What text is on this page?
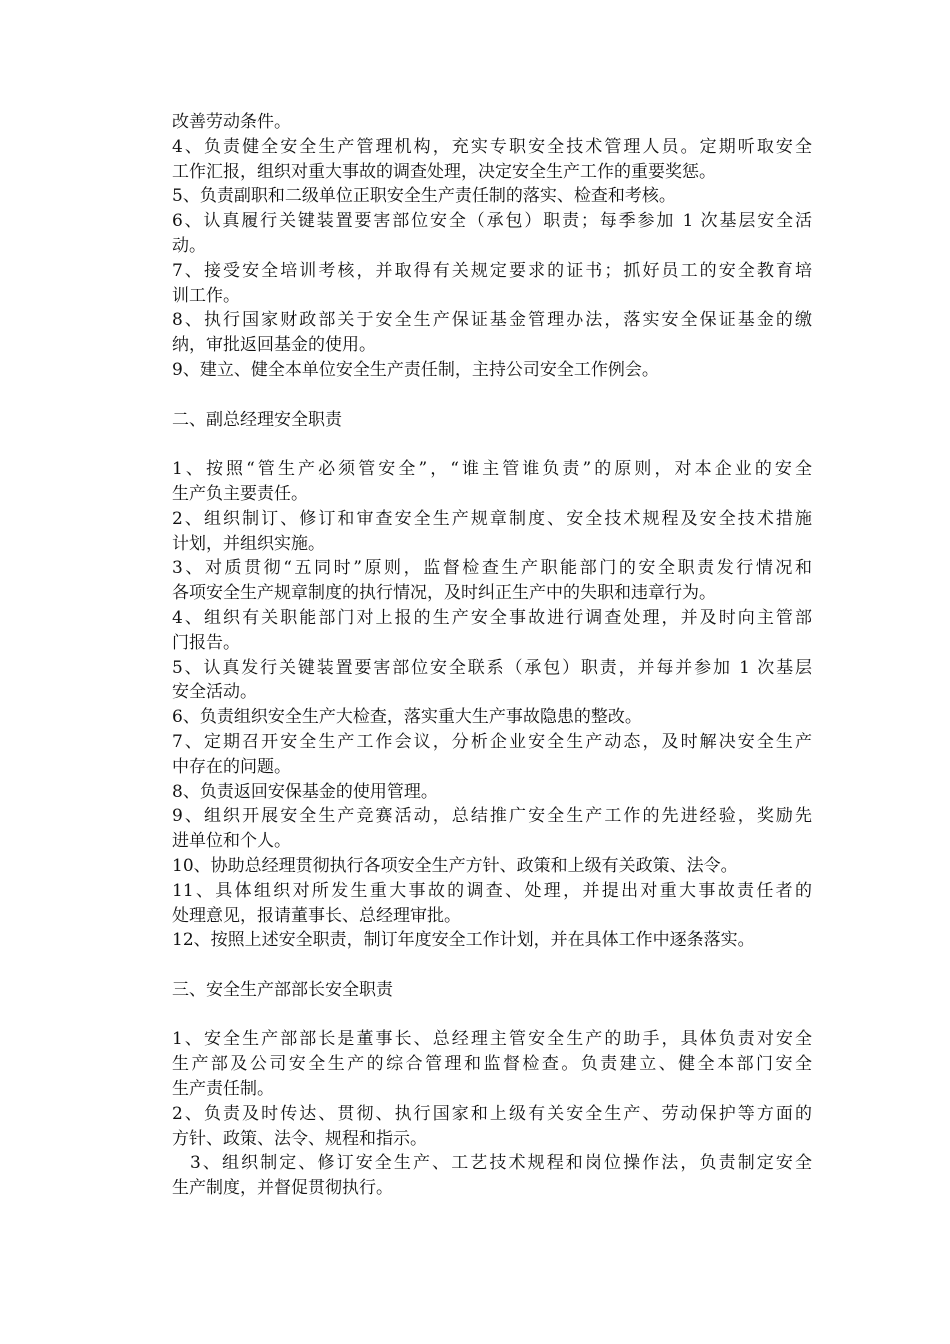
改善劳动条件。
4、负责健全安全生产管理机构，充实专职安全技术管理人员。定期听取安全
工作汇报，组织对重大事故的调查处理，决定安全生产工作的重要奖惩。
5、负责副职和二级单位正职安全生产责任制的落实、检查和考核。
6、认真履行关键装置要害部位安全（承包）职责；每季参加 1 次基层安全活
动。
7、接受安全培训考核，并取得有关规定要求的证书；抓好员工的安全教育培
训工作。
8、执行国家财政部关于安全生产保证基金管理办法，落实安全保证基金的缴
纳，审批返回基金的使用。
9、建立、健全本单位安全生产责任制，主持公司安全工作例会。
二、副总经理安全职责
1、按照“管生产必须管安全”，“谁主管谁负责”的原则，对本企业的安全
生产负主要责任。
2、组织制订、修订和审查安全生产规章制度、安全技术规程及安全技术措施
计划，并组织实施。
3、对质贯彻“五同时”原则，监督检查生产职能部门的安全职责发行情况和
各项安全生产规章制度的执行情况，及时纠正生产中的失职和违章行为。
4、组织有关职能部门对上报的生产安全事故进行调查处理，并及时向主管部
门报告。
5、认真发行关键装置要害部位安全联系（承包）职责，并每并参加 1 次基层
安全活动。
6、负责组织安全生产大检查，落实重大生产事故隐患的整改。
7、定期召开安全生产工作会议，分析企业安全生产动态，及时解决安全生产
中存在的问题。
8、负责返回安保基金的使用管理。
9、组织开展安全生产竞赛活动，总结推广安全生产工作的先进经验，奖励先
进单位和个人。
10、协助总经理贯彻执行各项安全生产方针、政策和上级有关政策、法令。
11、具体组织对所发生重大事故的调查、处理，并提出对重大事故责任者的
处理意见，报请董事长、总经理审批。
12、按照上述安全职责，制订年度安全工作计划，并在具体工作中逐条落实。
三、安全生产部部长安全职责
1、安全生产部部长是董事长、总经理主管安全生产的助手，具体负责对安全
生产部及公司安全生产的综合管理和监督检查。负责建立、健全本部门安全
生产责任制。
2、负责及时传达、贯彻、执行国家和上级有关安全生产、劳动保护等方面的
方针、政策、法令、规程和指示。
3、组织制定、修订安全生产、工艺技术规程和岗位操作法，负责制定安全
生产制度，并督促贯彻执行。
